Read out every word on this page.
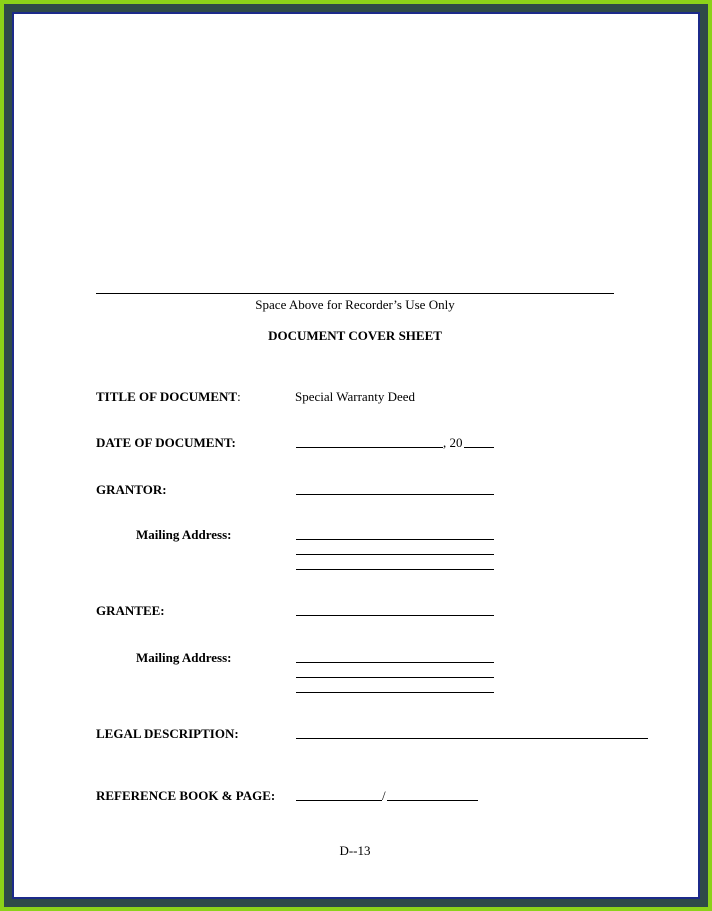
Space Above for Recorder’s Use Only
DOCUMENT COVER SHEET
TITLE OF DOCUMENT:	Special Warranty Deed
DATE OF DOCUMENT:	, 20
GRANTOR:
Mailing Address:
GRANTEE:
Mailing Address:
LEGAL DESCRIPTION:
REFERENCE BOOK & PAGE:	/
D--13
